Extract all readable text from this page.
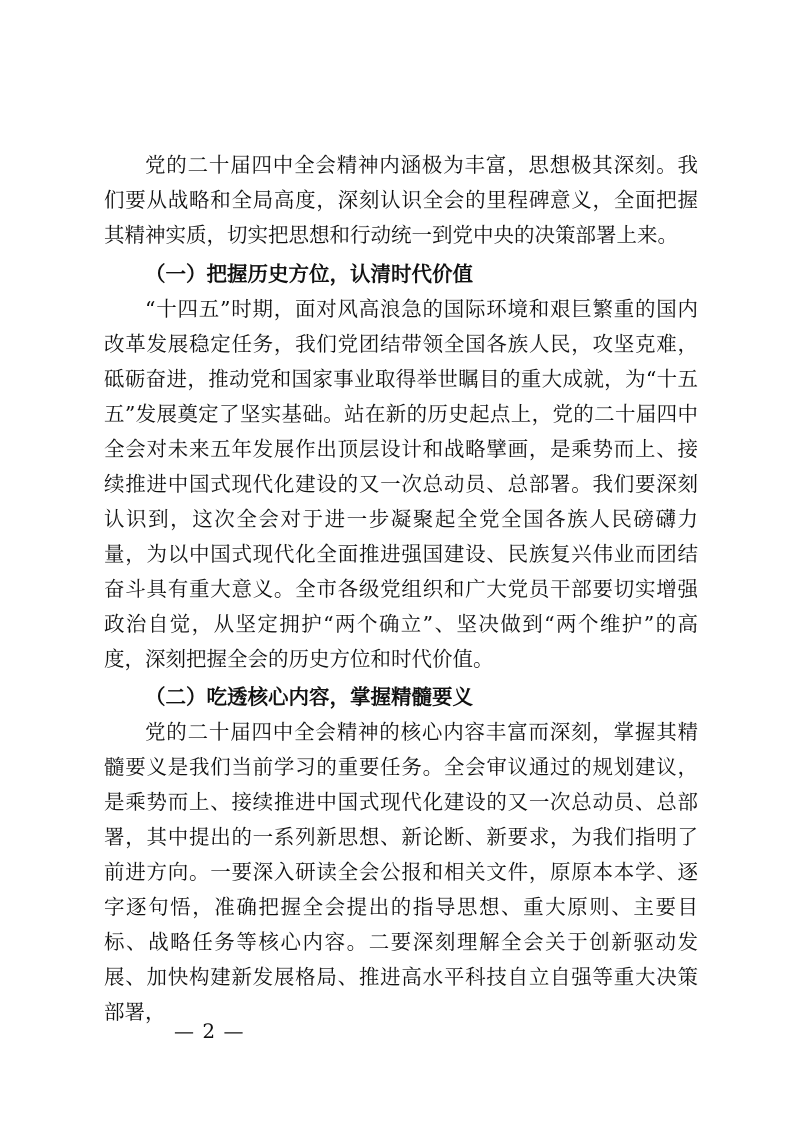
党的二十届四中全会精神内涵极为丰富，思想极其深刻。我们要从战略和全局高度，深刻认识全会的里程碑意义，全面把握其精神实质，切实把思想和行动统一到党中央的决策部署上来。

（一）把握历史方位，认清时代价值

“十四五”时期，面对风高浪急的国际环境和艰巨繁重的国内改革发展稳定任务，我们党团结带领全国各族人民，攻坚克难，砥砺奋进，推动党和国家事业取得举世瞩目的重大成就，为“十五五”发展奠定了坚实基础。站在新的历史起点上，党的二十届四中全会对未来五年发展作出顶层设计和战略擘画，是乘势而上、接续推进中国式现代化建设的又一次总动员、总部署。我们要深刻认识到，这次全会对于进一步凝聚起全党全国各族人民磅礴力量，为以中国式现代化全面推进强国建设、民族复兴伟业而团结奋斗具有重大意义。全市各级党组织和广大党员干部要切实增强政治自觉，从坚定拥护“两个确立”、坚决做到“两个维护”的高度，深刻把握全会的历史方位和时代价值。

（二）吃透核心内容，掌握精髓要义

党的二十届四中全会精神的核心内容丰富而深刻，掌握其精髓要义是我们当前学习的重要任务。全会审议通过的规划建议，是乘势而上、接续推进中国式现代化建设的又一次总动员、总部署，其中提出的一系列新思想、新论断、新要求，为我们指明了前进方向。一要深入研读全会公报和相关文件，原原本本学、逐字逐句悟，准确把握全会提出的指导思想、重大原则、主要目标、战略任务等核心内容。二要深刻理解全会关于创新驱动发展、加快构建新发展格局、推进高水平科技自立自强等重大决策部署，

— 2 —
